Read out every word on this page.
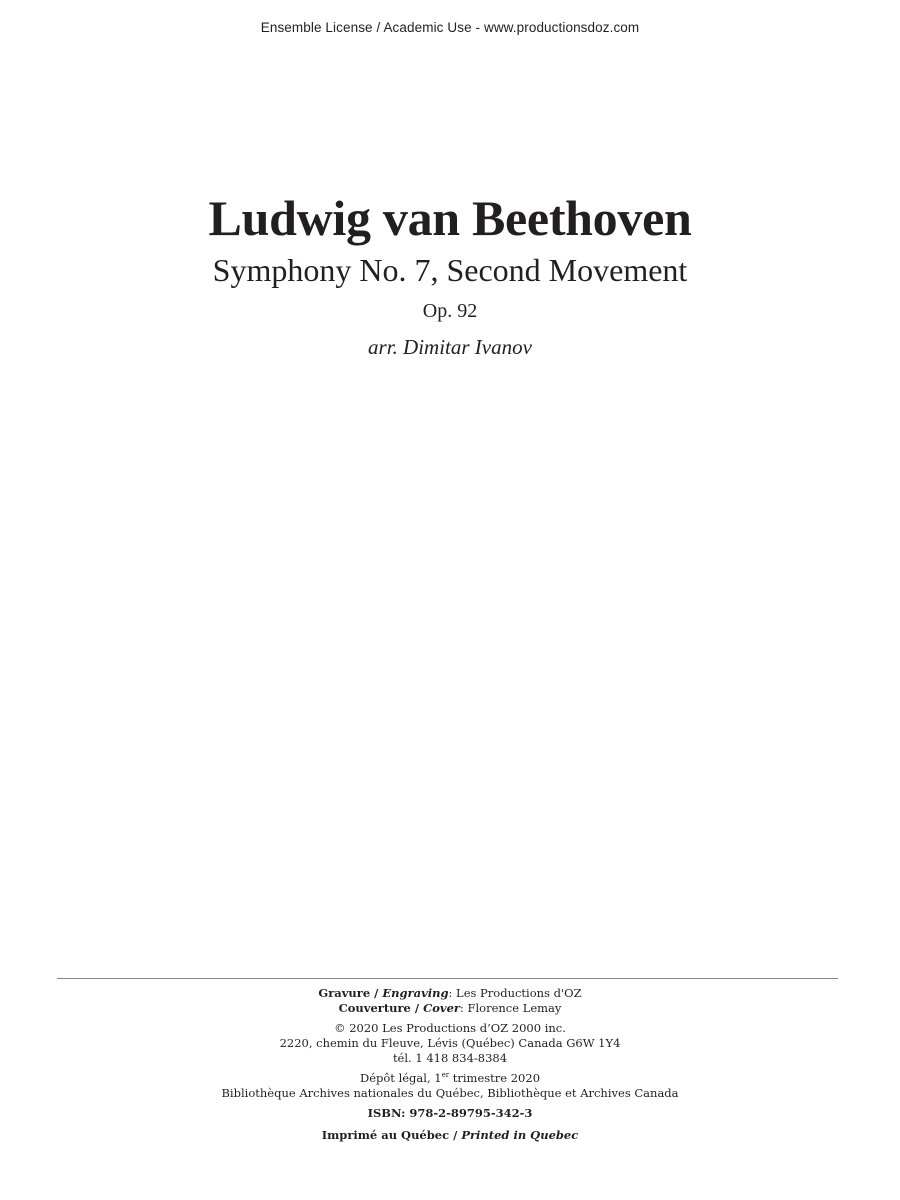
Ensemble License / Academic Use - www.productionsdoz.com
Ludwig van Beethoven
Symphony No. 7, Second Movement
Op. 92
arr. Dimitar Ivanov
Gravure / Engraving: Les Productions d'OZ
Couverture / Cover: Florence Lemay
© 2020 Les Productions d’OZ 2000 inc.
2220, chemin du Fleuve, Lévis (Québec) Canada G6W 1Y4
tél. 1 418 834-8384
Dépôt légal, 1er trimestre 2020
Bibliothèque Archives nationales du Québec, Bibliothèque et Archives Canada
ISBN: 978-2-89795-342-3
Imprimé au Québec / Printed in Quebec
